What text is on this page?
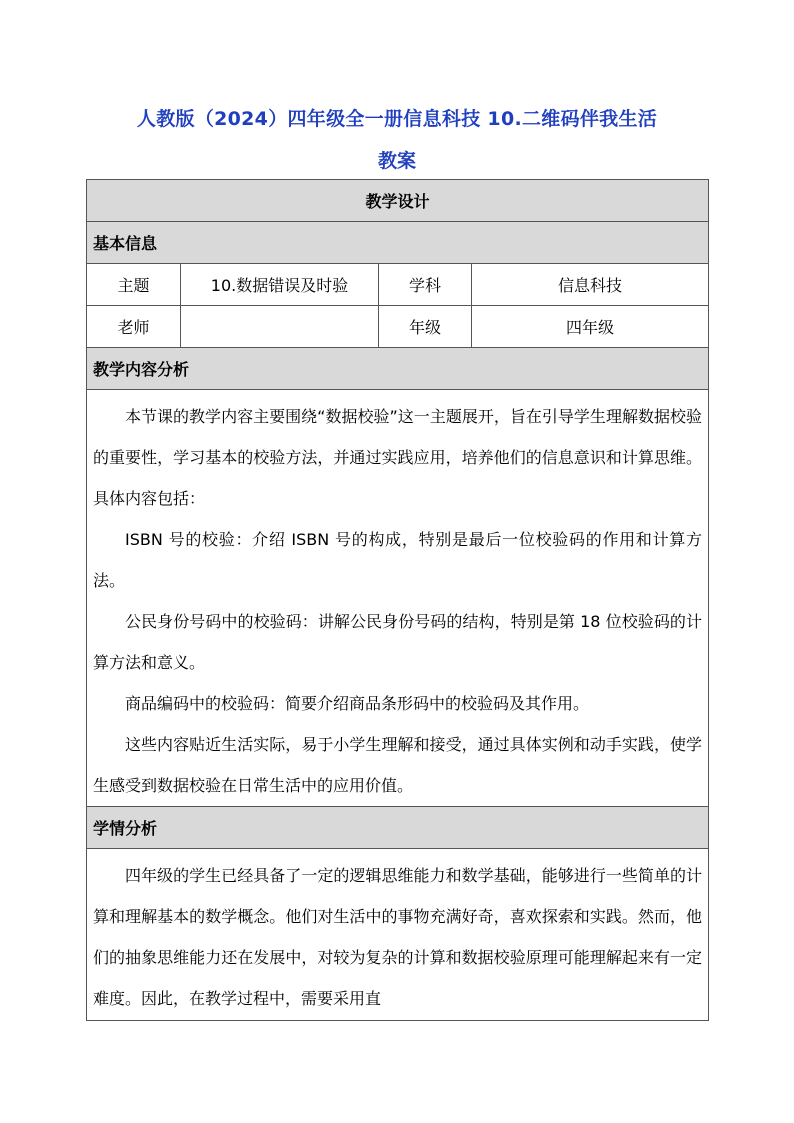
人教版（2024）四年级全一册信息科技 10.二维码伴我生活
教案
教学设计			
基本信息			
主题	10.数据错误及时验	学科	信息科技
老师		年级	四年级
教学内容分析			

本节课的教学内容主要围绕“数据校验”这一主题展开，旨在引导学生理解数据校验的重要性，学习基本的校验方法，并通过实践应用，培养他们的信息意识和计算思维。具体内容包括：

ISBN 号的校验：介绍 ISBN 号的构成，特别是最后一位校验码的作用和计算方法。

公民身份号码中的校验码：讲解公民身份号码的结构，特别是第 18 位校验码的计算方法和意义。

商品编码中的校验码：简要介绍商品条形码中的校验码及其作用。

这些内容贴近生活实际，易于小学生理解和接受，通过具体实例和动手实践，使学生感受到数据校验在日常生活中的应用价值。			

学情分析			

四年级的学生已经具备了一定的逻辑思维能力和数学基础，能够进行一些简单的计算和理解基本的数学概念。他们对生活中的事物充满好奇，喜欢探索和实践。然而，他们的抽象思维能力还在发展中，对较为复杂的计算和数据校验原理可能理解起来有一定难度。因此，在教学过程中，需要采用直			
